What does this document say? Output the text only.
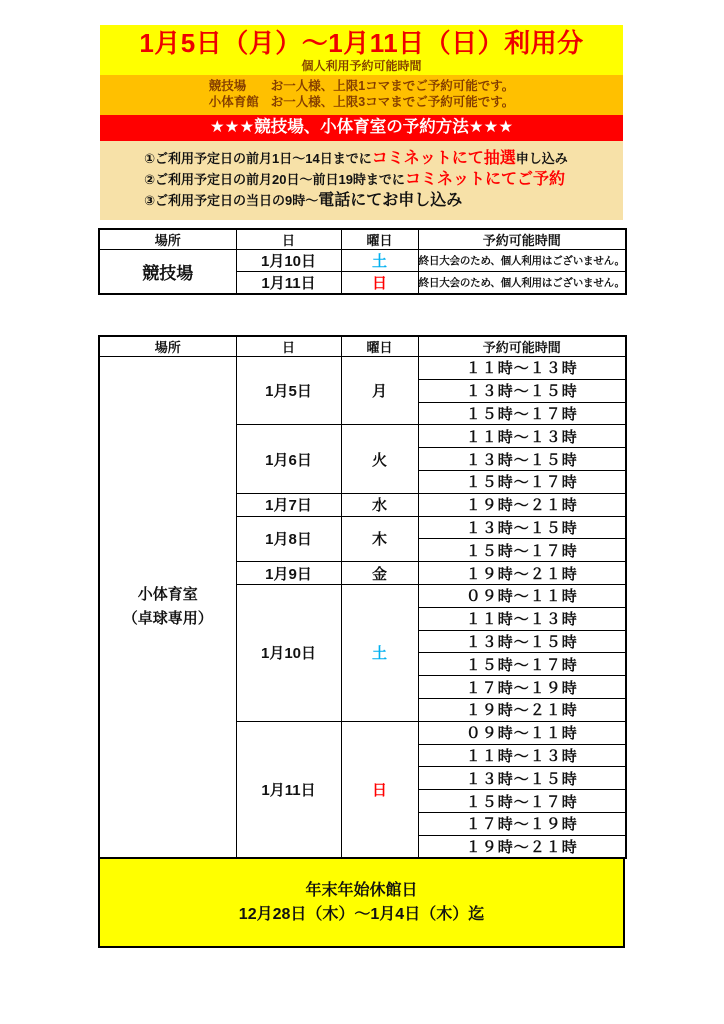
1月5日（月）～1月11日（日）利用分
個人利用予約可能時間
競技場 お一人様、上限1コマまでご予約可能です。
小体育館 お一人様、上限3コマまでご予約可能です。
★★★競技場、小体育室の予約方法★★★
①ご利用予定日の前月1日～14日までにコミネットにて抽選申し込み
②ご利用予定日の前月20日～前日19時までにコミネットにてご予約
③ご利用予定日の当日の9時～電話にてお申し込み
場所	日	曜日	予約可能時間
競技場	1月10日	土	終日大会のため、個人利用はございません。
	1月11日	日	終日大会のため、個人利用はございません。
場所	日	曜日	予約可能時間

小体育室
（卓球専用）	1月5日	月	１１時～１３時
			１３時～１５時
			１５時～１７時
	1月6日	火	１１時～１３時
			１３時～１５時
			１５時～１７時
	1月7日	水	１９時～２１時
	1月8日	木	１３時～１５時
			１５時～１７時
	1月9日	金	１９時～２１時
	1月10日	土	０９時～１１時
			１１時～１３時
			１３時～１５時
			１５時～１７時
			１７時～１９時
			１９時～２１時
	1月11日	日	０９時～１１時
			１１時～１３時
			１３時～１５時
			１５時～１７時
			１７時～１９時
			１９時～２１時
年末年始休館日
12月28日（木）～1月4日（木）迄
